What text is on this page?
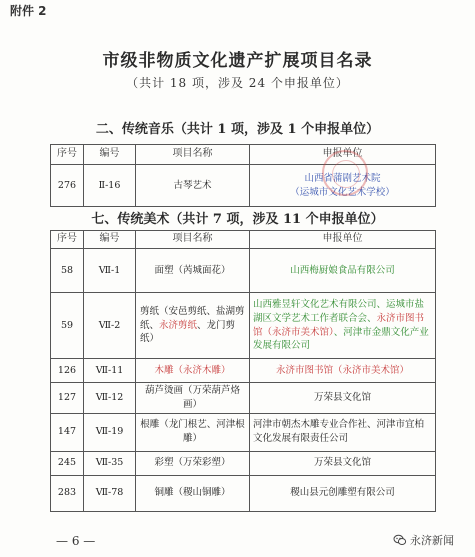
附件 2
市级非物质文化遗产扩展项目名录
（共计 18 项，涉及 24 个申报单位）
二、传统音乐（共计 1 项，涉及 1 个申报单位）
序号	编号	项目名称	申报单位
276	Ⅱ-16	古琴艺术	山西省蒲剧艺术院
（运城市文化艺术学校）
七、传统美术（共计 7 项，涉及 11 个申报单位）
序号	编号	项目名称	申报单位
58	Ⅶ-1	面塑（芮城面花）	山西梅厨娘食品有限公司
59	Ⅶ-2	剪纸（安邑剪纸、盐湖剪纸、永济剪纸、龙门剪纸）	山西雅昱轩文化艺术有限公司、运城市盐湖区文学艺术工作者联合会、永济市图书馆（永济市美术馆）、河津市金鼎文化产业发展有限公司
126	Ⅶ-11	木雕（永济木雕）	永济市图书馆（永济市美术馆）
127	Ⅶ-12	葫芦烫画（万荣葫芦烙画）	万荣县文化馆
147	Ⅶ-19	根雕（龙门根艺、河津根雕）	河津市朝杰木雕专业合作社、河津市宜柏文化发展有限责任公司
245	Ⅶ-35	彩塑（万荣彩塑）	万荣县文化馆
283	Ⅶ-78	铜雕（稷山铜雕）	稷山县元创雕塑有限公司
— 6 —	永济新闻
